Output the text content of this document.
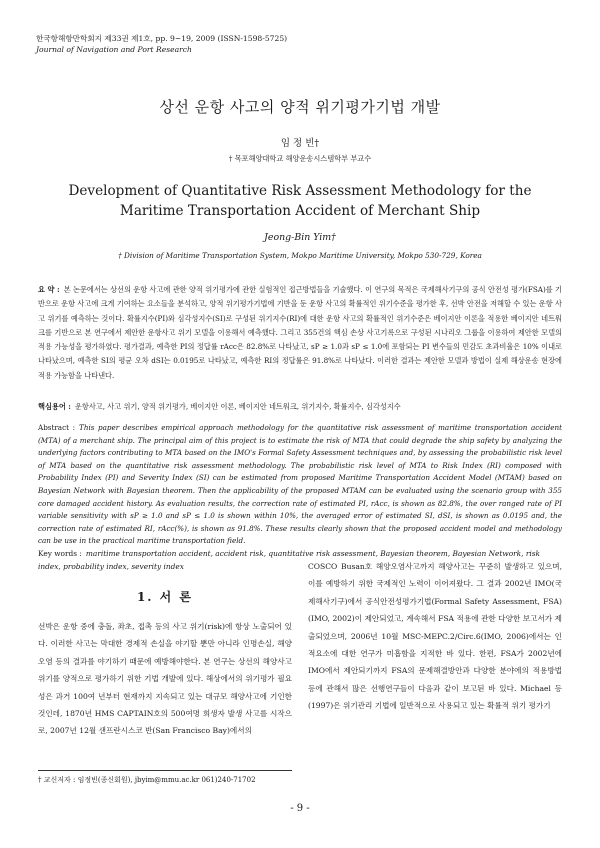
한국항해항만학회지 제33권 제1호, pp. 9~19, 2009 (ISSN-1598-5725)
Journal of Navigation and Port Research
상선 운항 사고의 양적 위기평가기법 개발
임 정 빈†
† 목포해양대학교 해양운송시스템학부 부교수
Development of Quantitative Risk Assessment Methodology for the Maritime Transportation Accident of Merchant Ship
Jeong-Bin Yim†
† Division of Maritime Transportation System, Mokpo Maritime University, Mokpo 530-729, Korea
요 약 : 본 논문에서는 상선의 운항 사고에 관한 양적 위기평가에 관한 실험적인 접근방법들을 기술했다. 이 연구의 목적은 국제해사기구의 공식 안전성 평가(FSA)를 기반으로 운항 사고에 크게 기여하는 요소들을 분석하고, 양적 위기평가기법에 기반을 둔 운항 사고의 확률적인 위기수준을 평가한 후, 선박 안전을 저해할 수 있는 운항 사고 위기를 예측하는 것이다. 확률지수(PI)와 심각성지수(SI)로 구성된 위기지수(RI)에 대한 운항 사고의 확률적인 위기수준은 베이지안 이론을 적용한 베이지안 네트워크를 기반으로 본 연구에서 제안한 운항사고 위기 모델을 이용해서 예측했다. 그리고 355건의 핵심 손상 사고기록으로 구성된 시나리오 그룹을 이용하여 제안한 모델의 적용 가능성을 평가하였다. 평가결과, 예측한 PI의 정답률 rAcc은 82.8%로 나타났고, sP ≥ 1.0과 sP ≤ 1.0에 포함되는 PI 변수들의 민감도 초과비율은 10% 이내로 나타났으며, 예측한 SI의 평균 오차 dSI는 0.0195로 나타났고, 예측한 RI의 정답률은 91.8%로 나타났다. 이러한 결과는 제안한 모델과 방법이 실제 해상운송 현장에 적용 가능함을 나타낸다.
핵심용어 : 운항사고, 사고 위기, 양적 위기평가, 베이지안 이론, 베이지안 네트워크, 위기지수, 확률지수, 심각성지수
Abstract : This paper describes empirical approach methodology for the quantitative risk assessment of maritime transportation accident (MTA) of a merchant ship. The principal aim of this project is to estimate the risk of MTA that could degrade the ship safety by analyzing the underlying factors contributing to MTA based on the IMO's Formal Safety Assessment techniques and, by assessing the probabilistic risk level of MTA based on the quantitative risk assessment methodology. The probabilistic risk level of MTA to Risk Index (RI) composed with Probability Index (PI) and Severity Index (SI) can be estimated from proposed Maritime Transportation Accident Model (MTAM) based on Bayesian Network with Bayesian theorem. Then the applicability of the proposed MTAM can be evaluated using the scenario group with 355 core damaged accident history. As evaluation results, the correction rate of estimated PI, rAcc, is shown as 82.8%, the over ranged rate of PI variable sensitivity with sP ≥ 1.0 and sP ≤ 1.0 is shown within 10%, the averaged error of estimated SI, dSI, is shown as 0.0195 and, the correction rate of estimated RI, rAcc(%), is shown as 91.8%. These results clearly shown that the proposed accident model and methodology can be use in the practical maritime transportation field.
Key words : maritime transportation accident, accident risk, quantitative risk assessment, Bayesian theorem, Bayesian Network, risk index, probability index, severity index
1. 서 론
선박은 운항 중에 충돌, 좌초, 접촉 등의 사고 위기(risk)에 항상 노출되어 있다. 이러한 사고는 막대한 경제적 손실을 야기할 뿐만 아니라 인명손실, 해양오염 등의 결과를 야기하기 때문에 예방해야한다. 본 연구는 상선의 해양사고 위기를 양적으로 평가하기 위한 기법 개발에 있다. 해상에서의 위기평가 필요성은 과거 100여 년부터 현재까지 지속되고 있는 대규모 해양사고에 기인한 것인데, 1870년 HMS CAPTAIN호의 500여명 희생자 발생 사고를 시작으로, 2007년 12월 샌프란시스코 반(San Francisco Bay)에서의
COSCO Busan호 해양오염사고까지 해양사고는 꾸준히 발생하고 있으며, 이를 예방하기 위한 국제적인 노력이 이어져왔다. 그 결과 2002년 IMO(국제해사기구)에서 공식안전성평가기법(Formal Safety Assessment, FSA)(IMO, 2002)이 제안되었고, 계속해서 FSA 적용에 관한 다양한 보고서가 제출되었으며, 2006년 10월 MSC-MEPC.2/Circ.6(IMO, 2006)에서는 인적요소에 대한 연구가 미흡함을 지적한 바 있다. 한편, FSA가 2002년에 IMO에서 제안되기까지 FSA의 문제해결방안과 다양한 분야에의 적용방법 등에 관해서 많은 선행연구들이 다음과 같이 보고된 바 있다. Michael 등(1997)은 위기관리 기법에 일반적으로 사용되고 있는 확률적 위기 평가기
† 교신저자 : 임정빈(종신회원), jbyim@mmu.ac.kr 061)240-71702
- 9 -
